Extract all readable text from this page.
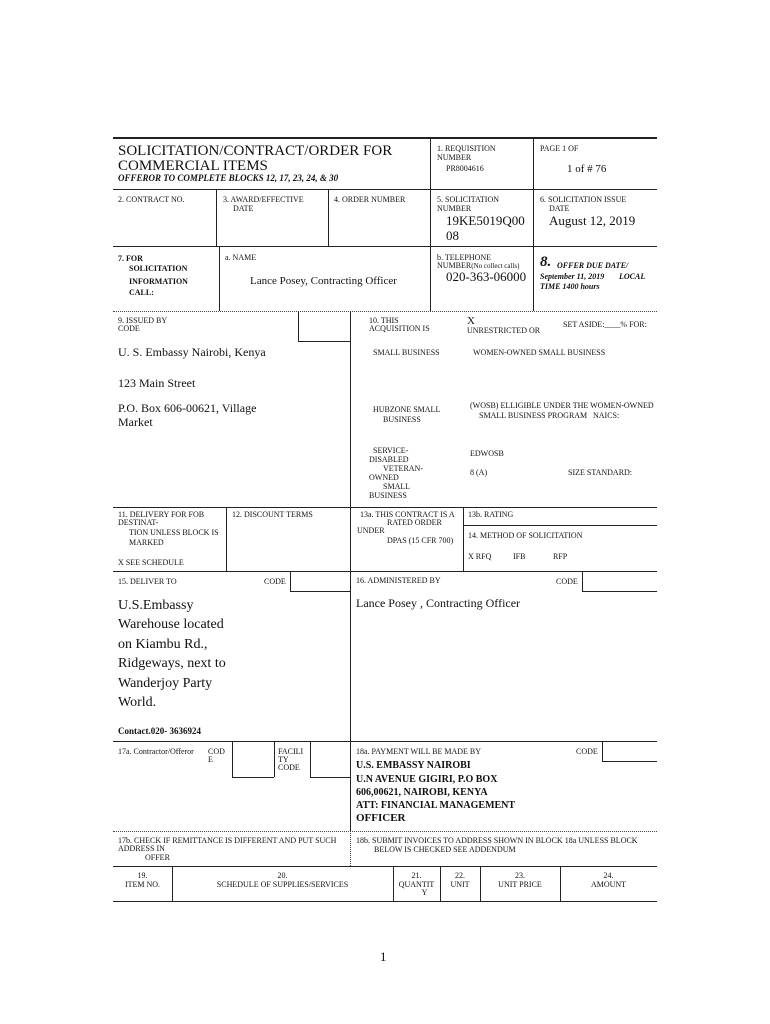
SOLICITATION/CONTRACT/ORDER FOR
COMMERCIAL ITEMS
OFFEROR TO COMPLETE BLOCKS 12, 17, 23, 24, & 30
1. REQUISITION
NUMBER
PR8004616
PAGE 1 OF
1 of # 76
2. CONTRACT NO.	3. AWARD/EFFECTIVE
DATE
4. ORDER NUMBER	5. SOLICITATION
NUMBER
19KE5019Q00
08
6. SOLICITATION ISSUE
DATE
August 12, 2019
7. FOR
SOLICITATION
INFORMATION
CALL:
a. NAME
Lance Posey, Contracting Officer
b. TELEPHONE
NUMBER(No collect calls)
020-363-06000
8. OFFER DUE DATE/
September 11, 2019 LOCAL
TIME 1400 hours
9. ISSUED BY
CODE
U. S. Embassy Nairobi, Kenya
123 Main Street
P.O. Box 606-00621, Village
Market
10. THIS
ACQUISITION IS
X
UNRESTRICTED OR
SET ASIDE:____% FOR:
SMALL BUSINESS	WOMEN-OWNED SMALL BUSINESS
HUBZONE SMALL
BUSINESS
(WOSB) ELLIGIBLE UNDER THE WOMEN-OWNED
SMALL BUSINESS PROGRAM NAICS:
SERVICE-
DISABLED
VETERAN-
OWNED
SMALL
BUSINESS
EDWOSB
8 (A)	SIZE STANDARD:
11. DELIVERY FOR FOB
DESTINAT-
TION UNLESS BLOCK IS
MARKED
X SEE SCHEDULE
12. DISCOUNT TERMS	13a. THIS CONTRACT IS A
RATED ORDER
UNDER
DPAS (15 CFR 700)
13b. RATING
14. METHOD OF SOLICITATION
X RFQ	IFB	RFP
15. DELIVER TO	CODE
U.S.Embassy
Warehouse located
on Kiambu Rd.,
Ridgeways, next to
Wanderjoy Party
World.
Contact.020- 3636924
16. ADMINISTERED BY	CODE
Lance Posey , Contracting Officer
17a. Contractor/Offeror COD
E
FACILI
TY
CODE
18a. PAYMENT WILL BE MADE BY	CODE
U.S. EMBASSY NAIROBI
U.N AVENUE GIGIRI, P.O BOX
606,00621, NAIROBI, KENYA
ATT: FINANCIAL MANAGEMENT
OFFICER
17b. CHECK IF REMITTANCE IS DIFFERENT AND PUT SUCH
ADDRESS IN
OFFER
18b. SUBMIT INVOICES TO ADDRESS SHOWN IN BLOCK 18a UNLESS BLOCK
BELOW IS CHECKED SEE ADDENDUM
19.
ITEM NO.
20.
SCHEDULE OF SUPPLIES/SERVICES
21.
QUANTIT
Y
22.
UNIT
23.
UNIT PRICE
24.
AMOUNT
1
